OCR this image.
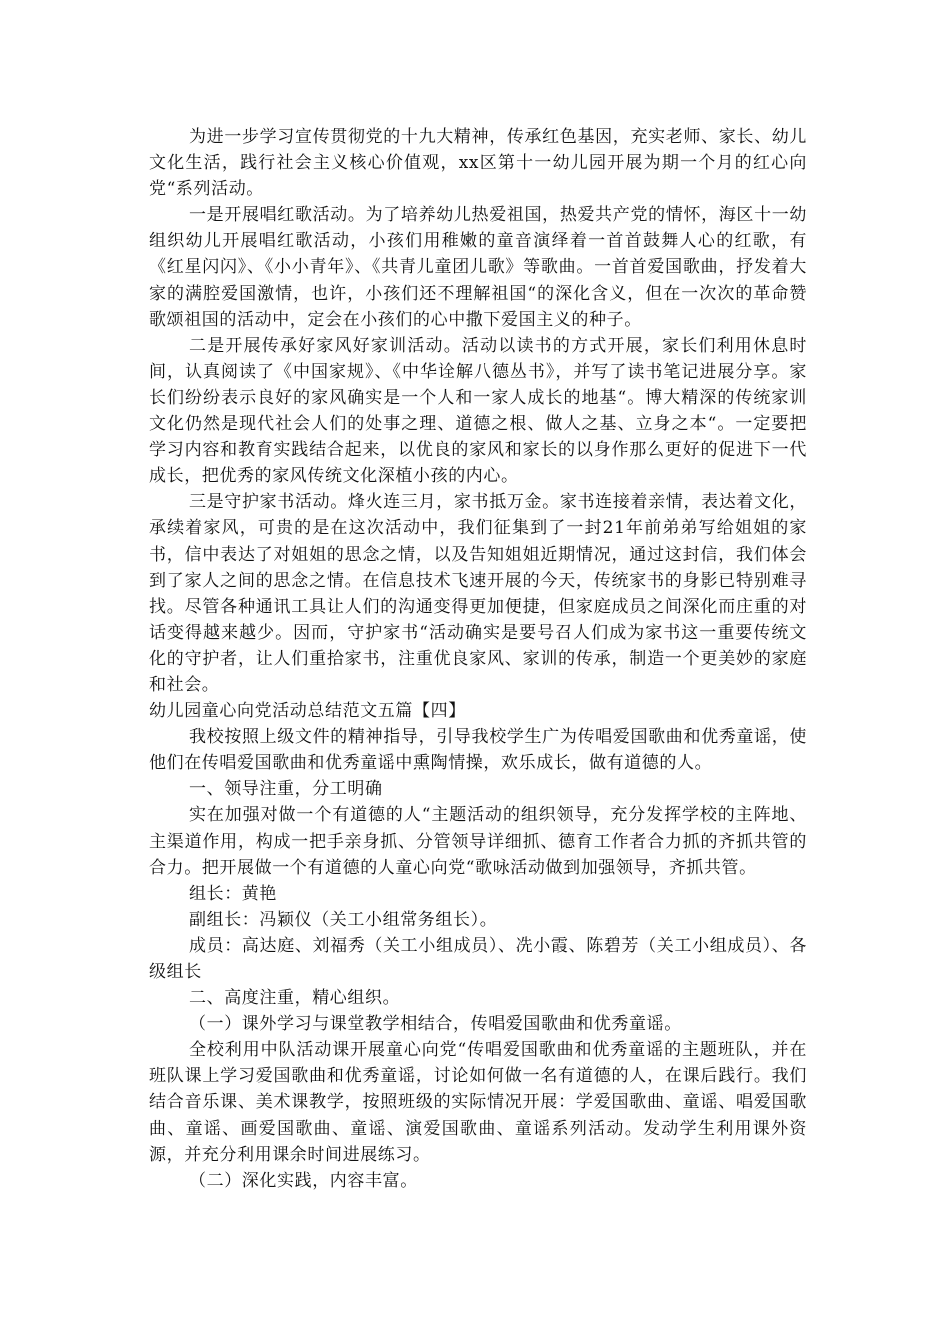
为进一步学习宣传贯彻党的十九大精神，传承红色基因，充实老师、家长、幼儿文化生活，践行社会主义核心价值观，xx区第十一幼儿园开展为期一个月的红心向党“系列活动。

一是开展唱红歌活动。为了培养幼儿热爱祖国，热爱共产党的情怀，海区十一幼组织幼儿开展唱红歌活动，小孩们用稚嫩的童音演绎着一首首鼓舞人心的红歌，有《红星闪闪》、《小小青年》、《共青儿童团儿歌》等歌曲。一首首爱国歌曲，抒发着大家的满腔爱国激情，也许，小孩们还不理解祖国“的深化含义，但在一次次的革命赞歌颂祖国的活动中，定会在小孩们的心中撒下爱国主义的种子。

二是开展传承好家风好家训活动。活动以读书的方式开展，家长们利用休息时间，认真阅读了《中国家规》、《中华诠解八德丛书》，并写了读书笔记进展分享。家长们纷纷表示良好的家风确实是一个人和一家人成长的地基“。博大精深的传统家训文化仍然是现代社会人们的处事之理、道德之根、做人之基、立身之本“。一定要把学习内容和教育实践结合起来，以优良的家风和家长的以身作那么更好的促进下一代成长，把优秀的家风传统文化深植小孩的内心。

三是守护家书活动。烽火连三月，家书抵万金。家书连接着亲情，表达着文化，承续着家风，可贵的是在这次活动中，我们征集到了一封21年前弟弟写给姐姐的家书，信中表达了对姐姐的思念之情，以及告知姐姐近期情况，通过这封信，我们体会到了家人之间的思念之情。在信息技术飞速开展的今天，传统家书的身影已特别难寻找。尽管各种通讯工具让人们的沟通变得更加便捷，但家庭成员之间深化而庄重的对话变得越来越少。因而，守护家书“活动确实是要号召人们成为家书这一重要传统文化的守护者，让人们重拾家书，注重优良家风、家训的传承，制造一个更美妙的家庭和社会。

幼儿园童心向党活动总结范文五篇【四】

我校按照上级文件的精神指导，引导我校学生广为传唱爱国歌曲和优秀童谣，使他们在传唱爱国歌曲和优秀童谣中熏陶情操，欢乐成长，做有道德的人。

一、领导注重，分工明确

实在加强对做一个有道德的人“主题活动的组织领导，充分发挥学校的主阵地、主渠道作用，构成一把手亲身抓、分管领导详细抓、德育工作者合力抓的齐抓共管的合力。把开展做一个有道德的人童心向党“歌咏活动做到加强领导，齐抓共管。

组长：黄艳

副组长：冯颖仪（关工小组常务组长）。

成员：高达庭、刘福秀（关工小组成员）、冼小霞、陈碧芳（关工小组成员）、各级组长

二、高度注重，精心组织。

（一）课外学习与课堂教学相结合，传唱爱国歌曲和优秀童谣。

全校利用中队活动课开展童心向党“传唱爱国歌曲和优秀童谣的主题班队，并在班队课上学习爱国歌曲和优秀童谣，讨论如何做一名有道德的人，在课后践行。我们结合音乐课、美术课教学，按照班级的实际情况开展：学爱国歌曲、童谣、唱爱国歌曲、童谣、画爱国歌曲、童谣、演爱国歌曲、童谣系列活动。发动学生利用课外资源，并充分利用课余时间进展练习。

（二）深化实践，内容丰富。
